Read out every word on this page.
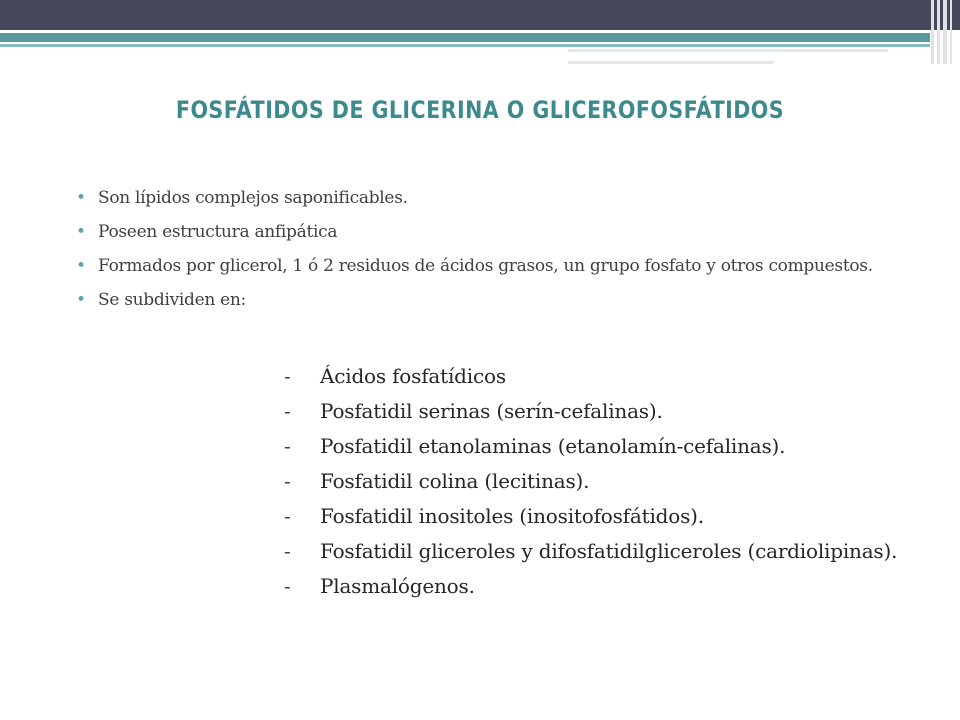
FOSFÁTIDOS DE GLICERINA O GLICEROFOSFÁTIDOS
• Son lípidos complejos saponificables.
• Poseen estructura anfipática
• Formados por glicerol, 1 ó 2 residuos de ácidos grasos, un grupo fosfato y otros compuestos.
• Se subdividen en:
- Ácidos fosfatídicos
- Posfatidil serinas (serín-cefalinas).
- Posfatidil etanolaminas (etanolamín-cefalinas).
- Fosfatidil colina (lecitinas).
- Fosfatidil inositoles (inositofosfátidos).
- Fosfatidil gliceroles y difosfatidilgliceroles (cardiolipinas).
- Plasmalógenos.
